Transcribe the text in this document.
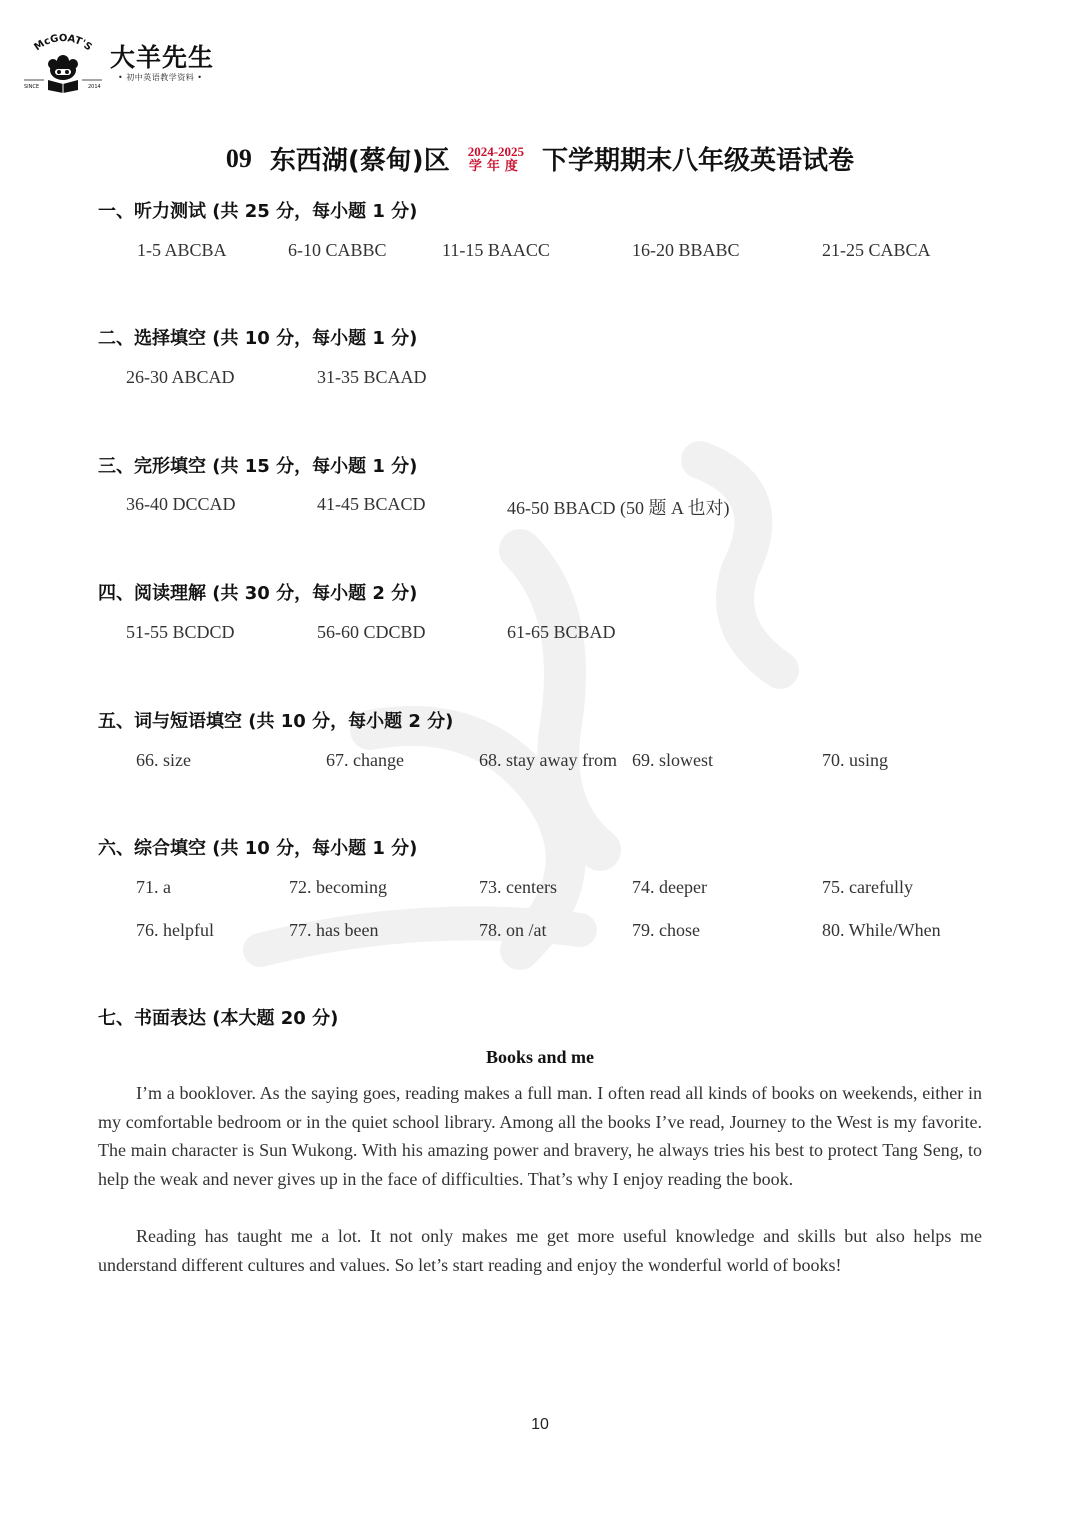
McGOAT'S
SINCE	2014
大羊先生
• 初中英语教学资料 •
09 东西湖(蔡甸)区 2024-2025
学年度 下学期期末八年级英语试卷
一、听力测试 (共 25 分，每小题 1 分)
1-5 ABCBA	6-10 CABBC	11-15 BAACC	16-20 BBABC	21-25 CABCA
二、选择填空 (共 10 分，每小题 1 分)
26-30 ABCAD	31-35 BCAAD
三、完形填空 (共 15 分，每小题 1 分)
36-40 DCCAD	41-45 BCACD	46-50 BBACD (50 题 A 也对)
四、阅读理解 (共 30 分，每小题 2 分)
51-55 BCDCD	56-60 CDCBD	61-65 BCBAD
五、词与短语填空 (共 10 分，每小题 2 分)
66. size	67. change	68. stay away from 69. slowest	70. using
六、综合填空 (共 10 分，每小题 1 分)
71. a	72. becoming	73. centers	74. deeper	75. carefully
76. helpful	77. has been	78. on /at	79. chose	80. While/When
七、书面表达 (本大题 20 分)
Books and me

I’m a booklover. As the saying goes, reading makes a full man. I often read all kinds of books on weekends, either in my comfortable bedroom or in the quiet school library. Among all the books I’ve read, Journey to the West is my favorite. The main character is Sun Wukong. With his amazing power and bravery, he always tries his best to protect Tang Seng, to help the weak and never gives up in the face of difficulties. That’s why I enjoy reading the book.

Reading has taught me a lot. It not only makes me get more useful knowledge and skills but also helps me understand different cultures and values. So let’s start reading and enjoy the wonderful world of books!

10
